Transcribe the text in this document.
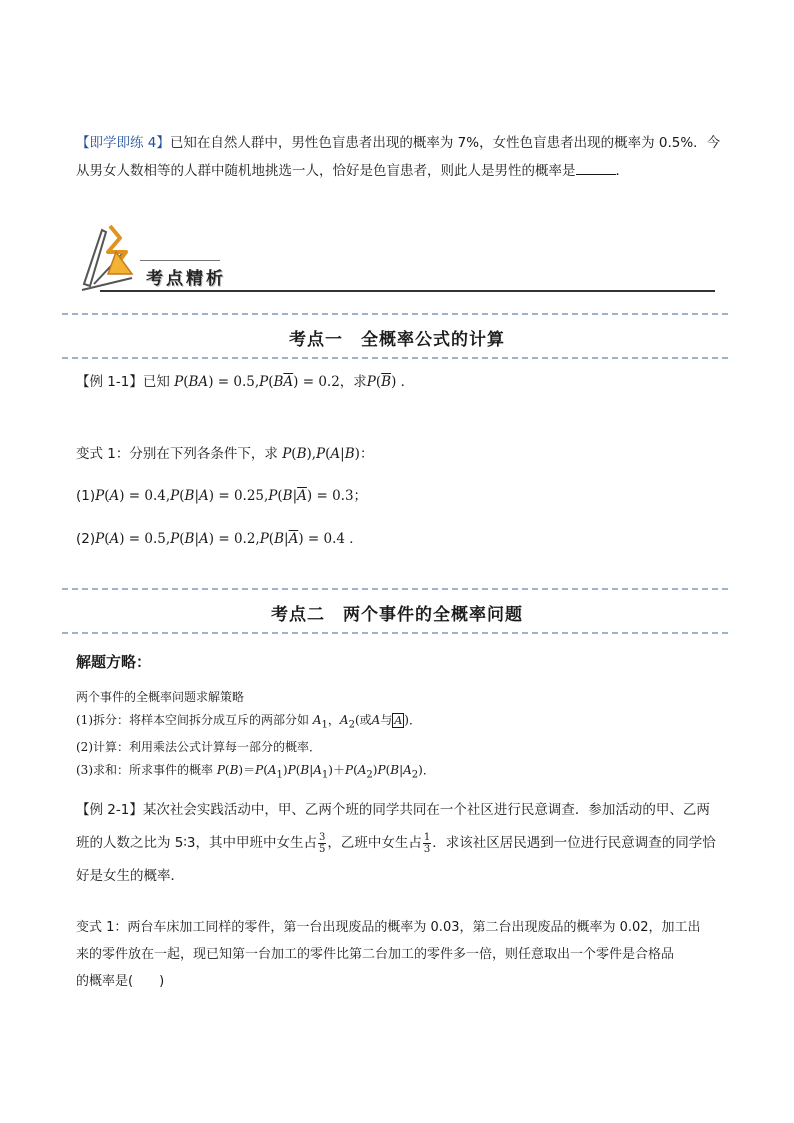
【即学即练 4】已知在自然人群中，男性色盲患者出现的概率为 7%，女性色盲患者出现的概率为 0.5%．今
从男女人数相等的人群中随机地挑选一人，恰好是色盲患者，则此人是男性的概率是	．
考点精析
考点一　全概率公式的计算
【例 1-1】已知 $P(BA) = 0.5,P(B\overline{A}) = 0.2$，求$P(\overline{B})$ ．
变式 1：分别在下列各条件下，求 P(B),P(A|B)：
$(1)P(A) = 0.4,P(B|A) = 0.25,P(B|\overline{A}) = 0.3$；
$(2)P(A) = 0.5,P(B|A) = 0.2,P(B|\overline{A}) = 0.4$ ．
考点二　两个事件的全概率问题
解题方略：
两个事件的全概率问题求解策略
(1)拆分：将样本空间拆分成互斥的两部分如 $A_1$，$A_2$(或A与 A )．
(2)计算：利用乘法公式计算每一部分的概率．
(3)求和：所求事件的概率 $P(B)=P(A_1)P(B|A_1)+P(A_2)P(B|A_2)$．
【例 2-1】某次社会实践活动中，甲、乙两个班的同学共同在一个社区进行民意调查．参加活动的甲、乙两
班的人数之比为 5∶3，其中甲班中女生占 $\frac{3}{5}$ ，乙班中女生占 $\frac{1}{3}$ ．求该社区居民遇到一位进行民意调查的同学恰
好是女生的概率．
变式 1：两台车床加工同样的零件，第一台出现废品的概率为 0.03，第二台出现废品的概率为 0.02，加工出
来的零件放在一起，现已知第一台加工的零件比第二台加工的零件多一倍，则任意取出一个零件是合格品
的概率是(　　)
